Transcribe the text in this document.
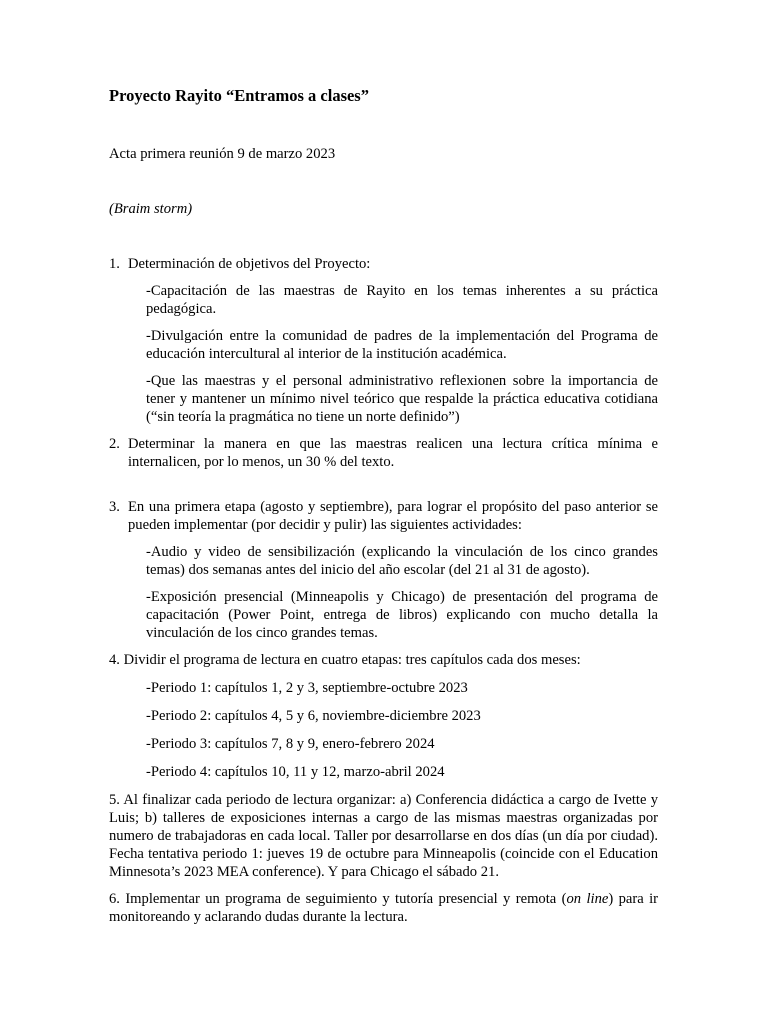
Proyecto Rayito “Entramos a clases”
Acta primera reunión 9 de marzo 2023
(Braim storm)
1. Determinación de objetivos del Proyecto:
-Capacitación de las maestras de Rayito en los temas inherentes a su práctica pedagógica.
-Divulgación entre la comunidad de padres de la implementación del Programa de educación intercultural al interior de la institución académica.
-Que las maestras y el personal administrativo reflexionen sobre la importancia de tener y mantener un mínimo nivel teórico que respalde la práctica educativa cotidiana (“sin teoría la pragmática no tiene un norte definido”)
2. Determinar la manera en que las maestras realicen una lectura crítica mínima e internalicen, por lo menos, un 30 % del texto.
3. En una primera etapa (agosto y septiembre), para lograr el propósito del paso anterior se pueden implementar (por decidir y pulir) las siguientes actividades:
-Audio y video de sensibilización (explicando la vinculación de los cinco grandes temas) dos semanas antes del inicio del año escolar (del 21 al 31 de agosto).
-Exposición presencial (Minneapolis y Chicago) de presentación del programa de capacitación (Power Point, entrega de libros) explicando con mucho detalla la vinculación de los cinco grandes temas.
4. Dividir el programa de lectura en cuatro etapas: tres capítulos cada dos meses:
-Periodo 1: capítulos 1, 2 y 3, septiembre-octubre 2023
-Periodo 2: capítulos 4, 5 y 6, noviembre-diciembre 2023
-Periodo 3: capítulos 7, 8 y 9, enero-febrero 2024
-Periodo 4: capítulos 10, 11 y 12, marzo-abril 2024
5. Al finalizar cada periodo de lectura organizar: a) Conferencia didáctica a cargo de Ivette y Luis; b) talleres de exposiciones internas a cargo de las mismas maestras organizadas por numero de trabajadoras en cada local. Taller por desarrollarse en dos días (un día por ciudad). Fecha tentativa periodo 1: jueves 19 de octubre para Minneapolis (coincide con el Education Minnesota’s 2023 MEA conference). Y para Chicago el sábado 21.
6. Implementar un programa de seguimiento y tutoría presencial y remota (on line) para ir monitoreando y aclarando dudas durante la lectura.
